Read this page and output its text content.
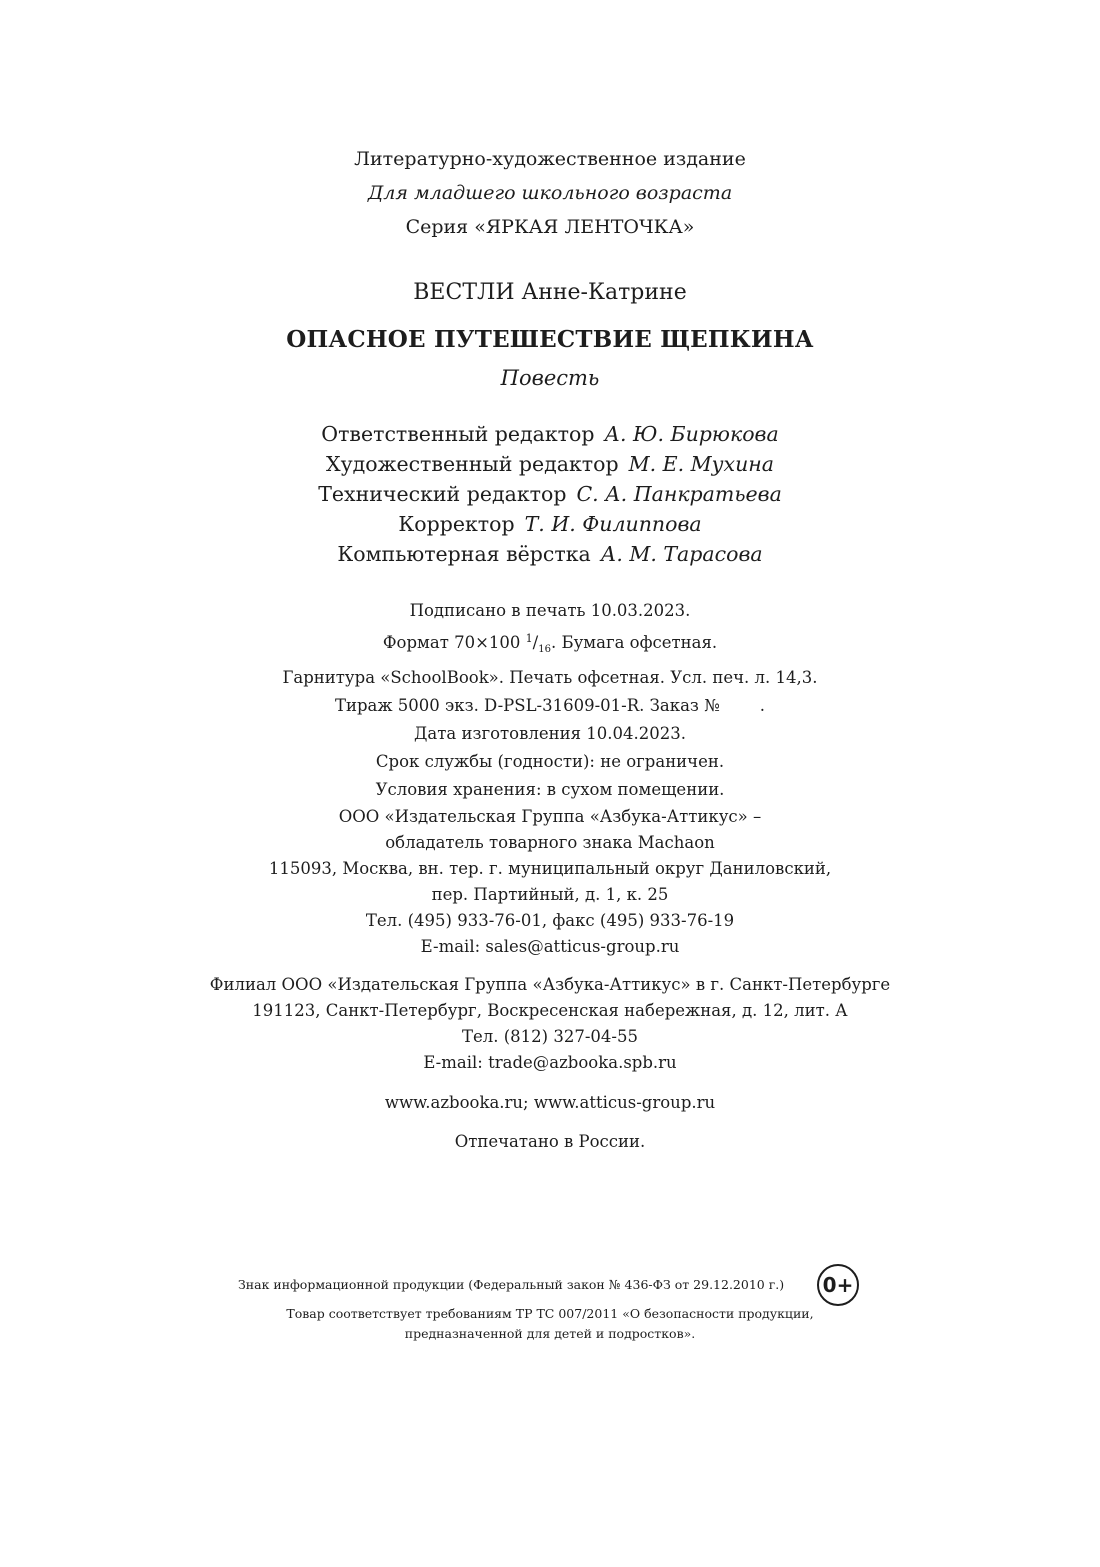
Литературно-художественное издание
Для младшего школьного возраста
Серия «ЯРКАЯ ЛЕНТОЧКА»
ВЕСТЛИ Анне-Катрине
ОПАСНОЕ ПУТЕШЕСТВИЕ ЩЕПКИНА
Повесть
Ответственный редактор А. Ю. Бирюкова
Художественный редактор М. Е. Мухина
Технический редактор С. А. Панкратьева
Корректор Т. И. Филиппова
Компьютерная вёрстка А. М. Тарасова
Подписано в печать 10.03.2023.
Формат 70×100 $^1/_{16}$. Бумага офсетная.
Гарнитура «SchoolBook». Печать офсетная. Усл. печ. л. 14,3.
Тираж 5000 экз. D-PSL-31609-01-R. Заказ № .
Дата изготовления 10.04.2023.
Срок службы (годности): не ограничен.
Условия хранения: в сухом помещении.
ООО «Издательская Группа «Азбука-Аттикус» –
обладатель товарного знака Machaon
115093, Москва, вн. тер. г. муниципальный округ Даниловский,
пер. Партийный, д. 1, к. 25
Тел. (495) 933-76-01, факс (495) 933-76-19
E-mail: sales@atticus-group.ru
Филиал ООО «Издательская Группа «Азбука-Аттикус» в г. Санкт-Петербурге
191123, Санкт-Петербург, Воскресенская набережная, д. 12, лит. А
Тел. (812) 327-04-55
E-mail: trade@azbooka.spb.ru
www.azbooka.ru; www.atticus-group.ru
Отпечатано в России.
Знак информационной продукции (Федеральный закон № 436-ФЗ от 29.12.2010 г.) 0+
Товар соответствует требованиям ТР ТС 007/2011 «О безопасности продукции,
предназначенной для детей и подростков».
